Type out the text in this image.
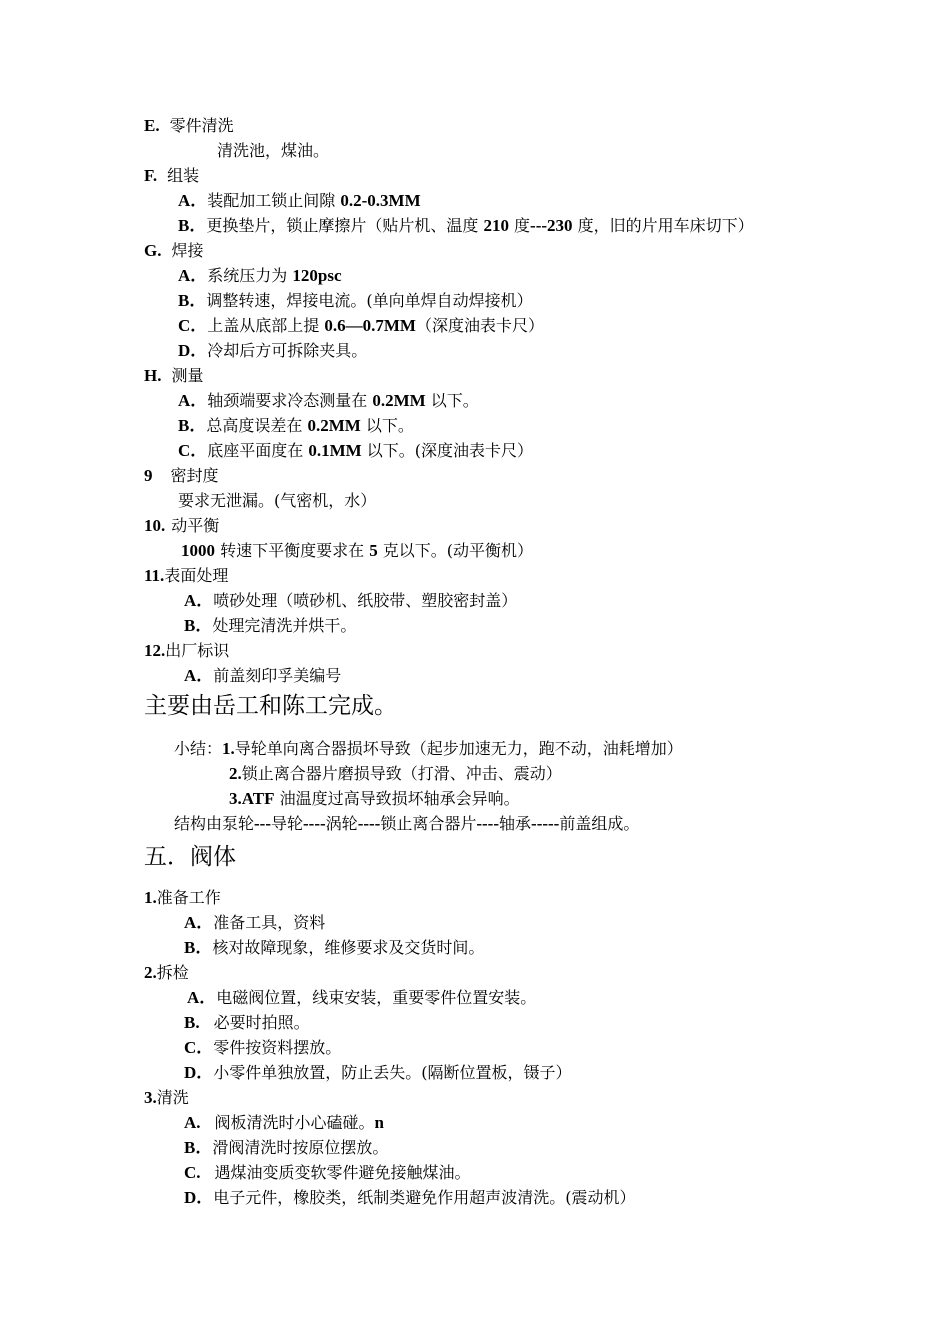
E. 零件清洗
清洗池，煤油。
F. 组装
A．装配加工锁止间隙 0.2-0.3MM
B．更换垫片，锁止摩擦片（贴片机、温度 210 度---230 度，旧的片用车床切下）
G. 焊接
A．系统压力为 120psc
B．调整转速，焊接电流。(单向单焊自动焊接机）
C．上盖从底部上提 0.6—0.7MM（深度油表卡尺）
D．冷却后方可拆除夹具。
H. 测量
A．轴颈端要求冷态测量在 0.2MM 以下。
B．总高度误差在 0.2MM 以下。
C．底座平面度在 0.1MM 以下。(深度油表卡尺）
9 密封度
要求无泄漏。(气密机，水）
10. 动平衡
1000 转速下平衡度要求在 5 克以下。(动平衡机）
11.表面处理
A．喷砂处理（喷砂机、纸胶带、塑胶密封盖）
B．处理完清洗并烘干。
12.出厂标识
A．前盖刻印孚美编号
主要由岳工和陈工完成。
小结：1.导轮单向离合器损坏导致（起步加速无力，跑不动，油耗增加）
2.锁止离合器片磨损导致（打滑、冲击、震动）
3.ATF 油温度过高导致损坏轴承会异响。
结构由泵轮---导轮----涡轮----锁止离合器片----轴承-----前盖组成。
五．阀体
1.准备工作
A．准备工具，资料
B．核对故障现象，维修要求及交货时间。
2.拆检
A．电磁阀位置，线束安装，重要零件位置安装。
B. 必要时拍照。
C．零件按资料摆放。
D．小零件单独放置，防止丢失。(隔断位置板，镊子）
3.清洗
A. 阀板清洗时小心磕碰。n
B．滑阀清洗时按原位摆放。
C. 遇煤油变质变软零件避免接触煤油。
D．电子元件，橡胶类，纸制类避免作用超声波清洗。(震动机）
